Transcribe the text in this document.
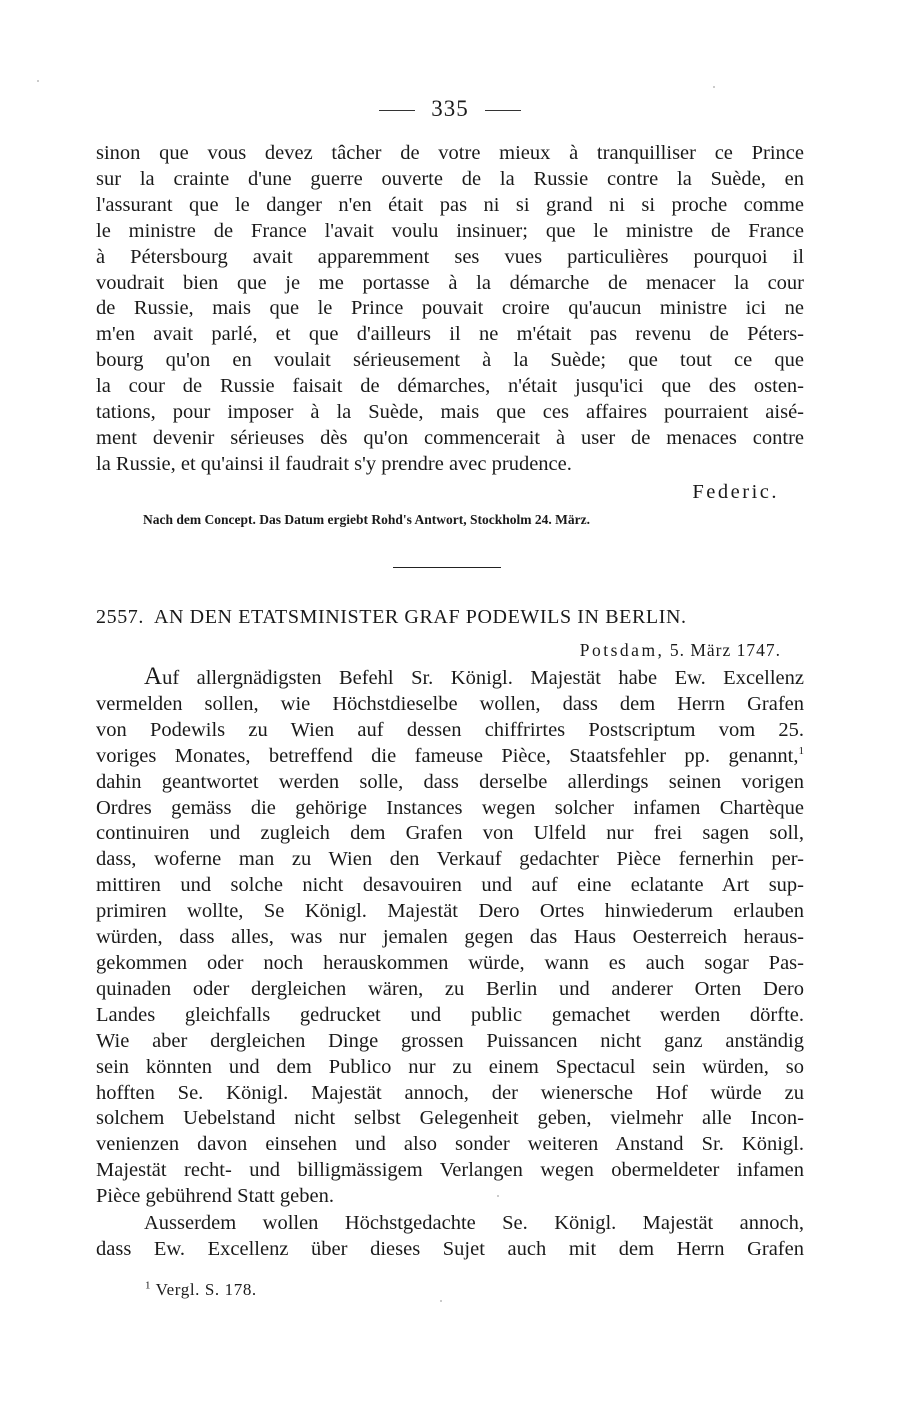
335
sinon que vous devez tâcher de votre mieux à tranquilliser ce Prince
sur la crainte d'une guerre ouverte de la Russie contre la Suède, en
l'assurant que le danger n'en était pas ni si grand ni si proche comme
le ministre de France l'avait voulu insinuer; que le ministre de France
à Pétersbourg avait apparemment ses vues particulières pourquoi il
voudrait bien que je me portasse à la démarche de menacer la cour
de Russie, mais que le Prince pouvait croire qu'aucun ministre ici ne
m'en avait parlé, et que d'ailleurs il ne m'était pas revenu de Péters-
bourg qu'on en voulait sérieusement à la Suède; que tout ce que
la cour de Russie faisait de démarches, n'était jusqu'ici que des osten-
tations, pour imposer à la Suède, mais que ces affaires pourraient aisé-
ment devenir sérieuses dès qu'on commencerait à user de menaces contre
la Russie, et qu'ainsi il faudrait s'y prendre avec prudence.
Federic.
Nach dem Concept. Das Datum ergiebt Rohd's Antwort, Stockholm 24. März.
2557. AN DEN ETATSMINISTER GRAF PODEWILS IN BERLIN.
Potsdam, 5. März 1747.
Auf allergnädigsten Befehl Sr. Königl. Majestät habe Ew. Excellenz
vermelden sollen, wie Höchstdieselbe wollen, dass dem Herrn Grafen
von Podewils zu Wien auf dessen chiffrirtes Postscriptum vom 25.
voriges Monates, betreffend die fameuse Pièce, Staatsfehler pp. genannt,$^1$
dahin geantwortet werden solle, dass derselbe allerdings seinen vorigen
Ordres gemäss die gehörige Instances wegen solcher infamen Chartèque
continuiren und zugleich dem Grafen von Ulfeld nur frei sagen soll,
dass, woferne man zu Wien den Verkauf gedachter Pièce fernerhin per-
mittiren und solche nicht desavouiren und auf eine eclatante Art sup-
primiren wollte, Se Königl. Majestät Dero Ortes hinwiederum erlauben
würden, dass alles, was nur jemalen gegen das Haus Oesterreich heraus-
gekommen oder noch herauskommen würde, wann es auch sogar Pas-
quinaden oder dergleichen wären, zu Berlin und anderer Orten Dero
Landes gleichfalls gedrucket und public gemachet werden dörfte.
Wie aber dergleichen Dinge grossen Puissancen nicht ganz anständig
sein könnten und dem Publico nur zu einem Spectacul sein würden, so
hofften Se. Königl. Majestät annoch, der wienersche Hof würde zu
solchem Uebelstand nicht selbst Gelegenheit geben, vielmehr alle Incon-
venienzen davon einsehen und also sonder weiteren Anstand Sr. Königl.
Majestät recht- und billigmässigem Verlangen wegen obermeldeter infamen
Pièce gebührend Statt geben.
Ausserdem wollen Höchstgedachte Se. Königl. Majestät annoch,
dass Ew. Excellenz über dieses Sujet auch mit dem Herrn Grafen
$^1$ Vergl. S. 178.
